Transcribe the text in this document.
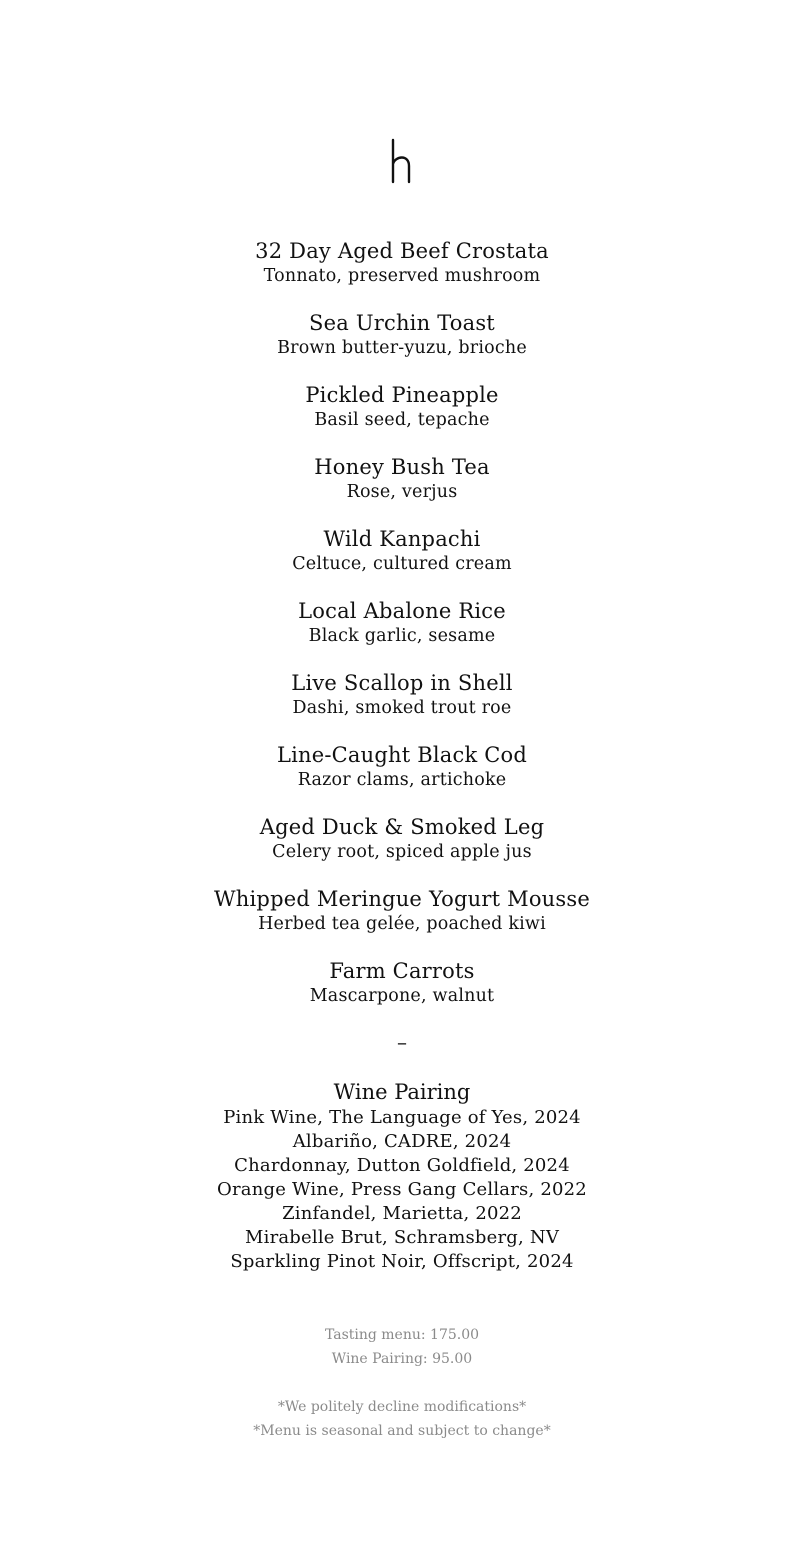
32 Day Aged Beef Crostata
Tonnato, preserved mushroom
Sea Urchin Toast
Brown butter-yuzu, brioche
Pickled Pineapple
Basil seed, tepache
Honey Bush Tea
Rose, verjus
Wild Kanpachi
Celtuce, cultured cream
Local Abalone Rice
Black garlic, sesame
Live Scallop in Shell
Dashi, smoked trout roe
Line-Caught Black Cod
Razor clams, artichoke
Aged Duck & Smoked Leg
Celery root, spiced apple jus
Whipped Meringue Yogurt Mousse
Herbed tea gelée, poached kiwi
Farm Carrots
Mascarpone, walnut
–
Wine Pairing
Pink Wine, The Language of Yes, 2024
Albariño, CADRE, 2024
Chardonnay, Dutton Goldfield, 2024
Orange Wine, Press Gang Cellars, 2022
Zinfandel, Marietta, 2022
Mirabelle Brut, Schramsberg, NV
Sparkling Pinot Noir, Offscript, 2024
Tasting menu: 175.00
Wine Pairing: 95.00
*We politely decline modifications*
*Menu is seasonal and subject to change*
